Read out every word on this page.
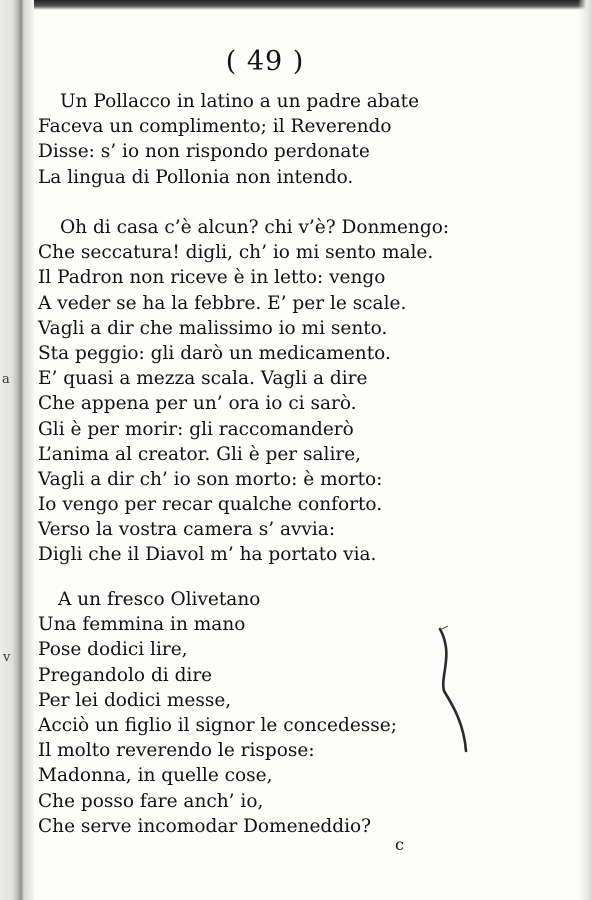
( 49 )
Un Pollacco in latino a un padre abate
Faceva un complimento; il Reverendo
Disse: s’ io non rispondo perdonate
La lingua di Pollonia non intendo.
Oh di casa c’è alcun? chi v’è? Donmengo:
Che seccatura! digli, ch’ io mi sento male.
Il Padron non riceve è in letto: vengo
A veder se ha la febbre. E’ per le scale.
Vagli a dir che malissimo io mi sento.
Sta peggio: gli darò un medicamento.
E’ quasi a mezza scala. Vagli a dire
Che appena per un’ ora io ci sarò.
Gli è per morir: gli raccomanderò
L’anima al creator. Gli è per salire,
Vagli a dir ch’ io son morto: è morto:
Io vengo per recar qualche conforto.
Verso la vostra camera s’ avvia:
Digli che il Diavol m’ ha portato via.
A un fresco Olivetano
Una femmina in mano
Pose dodici lire,
Pregandolo di dire
Per lei dodici messe,
Acciò un figlio il signor le concedesse;
Il molto reverendo le rispose:
Madonna, in quelle cose,
Che posso fare anch’ io,
Che serve incomodar Domeneddio?
a
v
c
